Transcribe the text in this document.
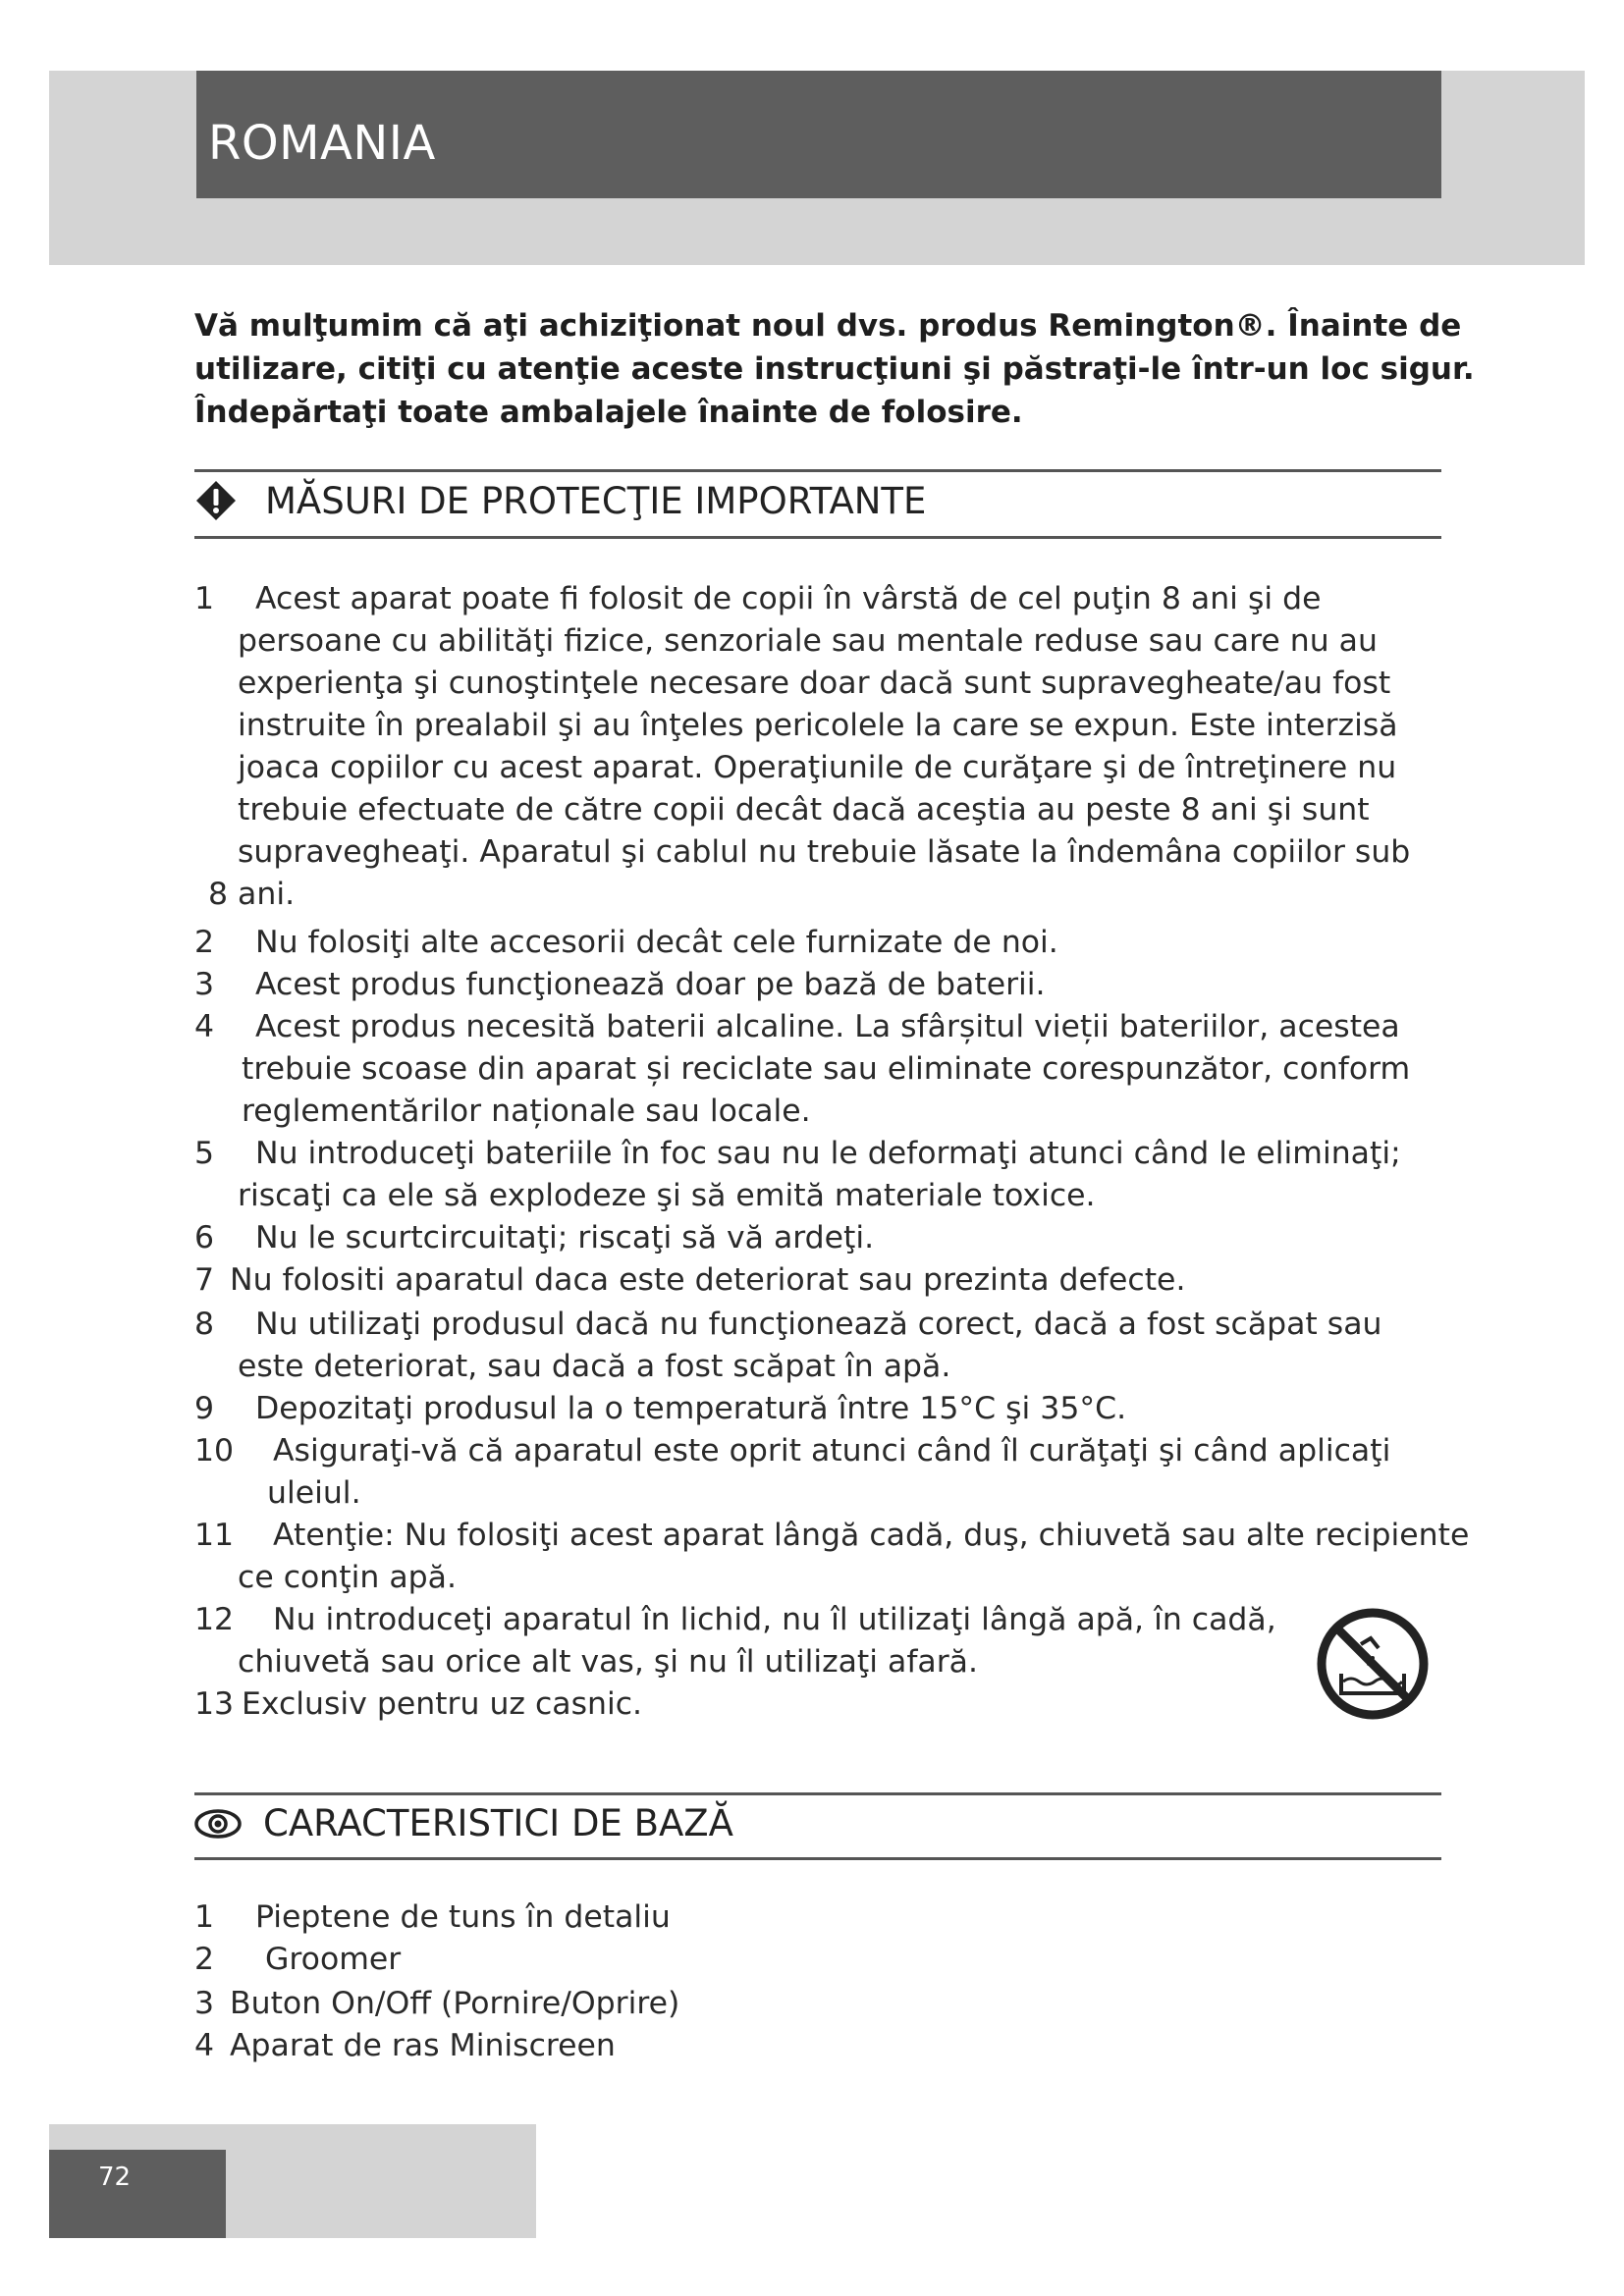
ROMANIA

Vă mulţumim că aţi achiziţionat noul dvs. produs Remington®. Înainte de

utilizare, citiţi cu atenţie aceste instrucţiuni şi păstraţi-le într-un loc sigur.

Îndepărtaţi toate ambalajele înainte de folosire.

MĂSURI DE PROTECŢIE IMPORTANTE
1 Acest aparat poate fi folosit de copii în vârstă de cel puţin 8 ani şi de
persoane cu abilităţi fizice, senzoriale sau mentale reduse sau care nu au
experienţa şi cunoştinţele necesare doar dacă sunt supravegheate/au fost
instruite în prealabil şi au înţeles pericolele la care se expun. Este interzisă
joaca copiilor cu acest aparat. Operaţiunile de curăţare şi de întreţinere nu
trebuie efectuate de către copii decât dacă aceştia au peste 8 ani şi sunt
supravegheaţi. Aparatul şi cablul nu trebuie lăsate la îndemâna copiilor sub
8 ani.
2 Nu folosiţi alte accesorii decât cele furnizate de noi.
3 Acest produs funcţionează doar pe bază de baterii.
4 Acest produs necesită baterii alcaline. La sfârșitul vieții bateriilor, acestea
trebuie scoase din aparat și reciclate sau eliminate corespunzător, conform
reglementărilor naționale sau locale.
5 Nu introduceţi bateriile în foc sau nu le deformaţi atunci când le eliminaţi;
riscaţi ca ele să explodeze şi să emită materiale toxice.
6 Nu le scurtcircuitaţi; riscaţi să vă ardeţi.
7 Nu folositi aparatul daca este deteriorat sau prezinta defecte.
8 Nu utilizaţi produsul dacă nu funcţionează corect, dacă a fost scăpat sau
este deteriorat, sau dacă a fost scăpat în apă.
9 Depozitaţi produsul la o temperatură între 15°C şi 35°C.
10 Asiguraţi-vă că aparatul este oprit atunci când îl curăţaţi şi când aplicaţi
uleiul.
11 Atenţie: Nu folosiţi acest aparat lângă cadă, duş, chiuvetă sau alte recipiente
ce conţin apă.
12 Nu introduceţi aparatul în lichid, nu îl utilizaţi lângă apă, în cadă,
chiuvetă sau orice alt vas, şi nu îl utilizaţi afară.
13 Exclusiv pentru uz casnic.
CARACTERISTICI DE BAZĂ
1 Pieptene de tuns în detaliu
2 Groomer
3 Buton On/Off (Pornire/Oprire)
4 Aparat de ras Miniscreen
72
